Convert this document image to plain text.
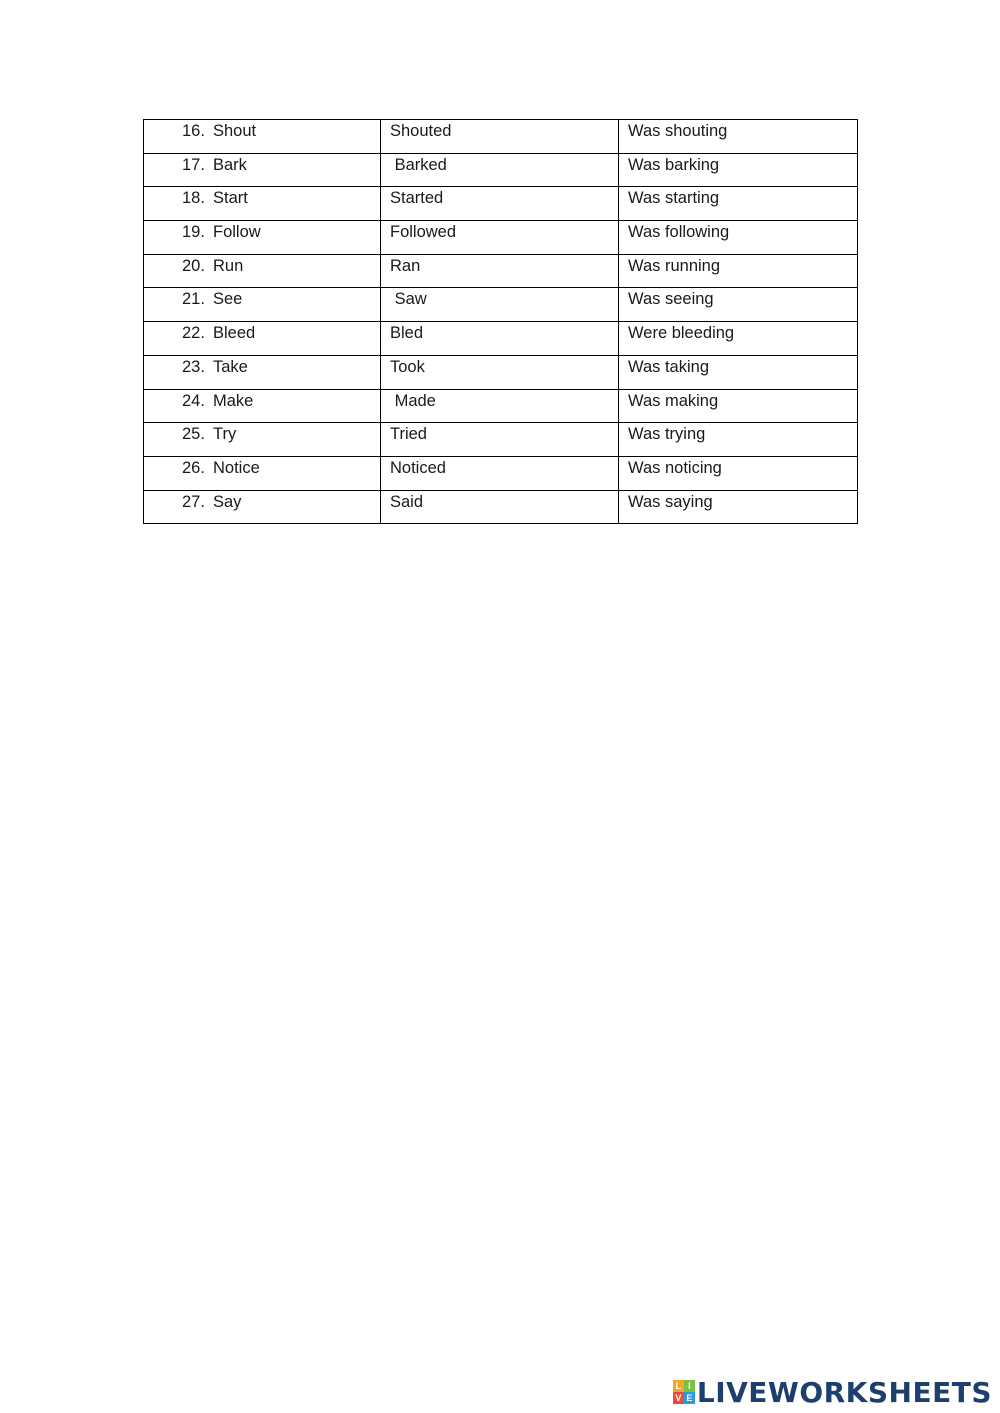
16. Shout	Shouted	Was shouting
17. Bark	Barked	Was barking
18. Start	Started	Was starting
19. Follow	Followed	Was following
20. Run	Ran	Was running
21. See	Saw	Was seeing
22. Bleed	Bled	Were bleeding
23. Take	Took	Was taking
24. Make	Made	Was making
25. Try	Tried	Was trying
26. Notice	Noticed	Was noticing
27. Say	Said	Was saying
L I
V E LIVEWORKSHEETS
